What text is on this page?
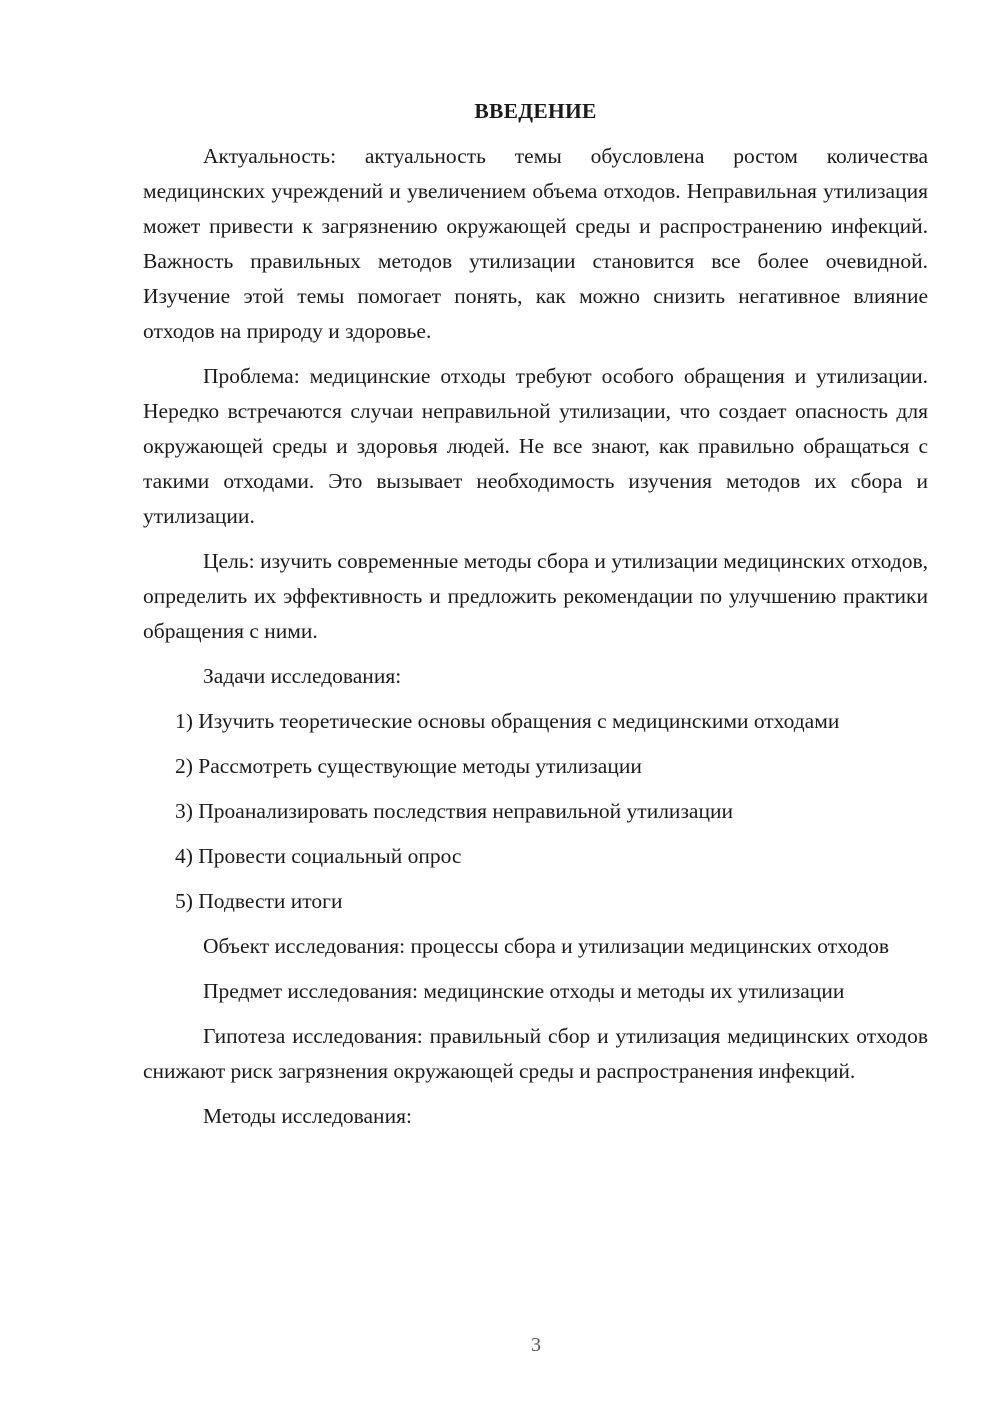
ВВЕДЕНИЕ

Актуальность: актуальность темы обусловлена ростом количества медицинских учреждений и увеличением объема отходов. Неправильная утилизация может привести к загрязнению окружающей среды и распространению инфекций. Важность правильных методов утилизации становится все более очевидной. Изучение этой темы помогает понять, как можно снизить негативное влияние отходов на природу и здоровье.

Проблема: медицинские отходы требуют особого обращения и утилизации. Нередко встречаются случаи неправильной утилизации, что создает опасность для окружающей среды и здоровья людей. Не все знают, как правильно обращаться с такими отходами. Это вызывает необходимость изучения методов их сбора и утилизации.

Цель: изучить современные методы сбора и утилизации медицинских отходов, определить их эффективность и предложить рекомендации по улучшению практики обращения с ними.

Задачи исследования:

1) Изучить теоретические основы обращения с медицинскими отходами

2) Рассмотреть существующие методы утилизации

3) Проанализировать последствия неправильной утилизации

4) Провести социальный опрос

5) Подвести итоги

Объект исследования: процессы сбора и утилизации медицинских отходов

Предмет исследования: медицинские отходы и методы их утилизации

Гипотеза исследования: правильный сбор и утилизация медицинских отходов снижают риск загрязнения окружающей среды и распространения инфекций.

Методы исследования:

3
